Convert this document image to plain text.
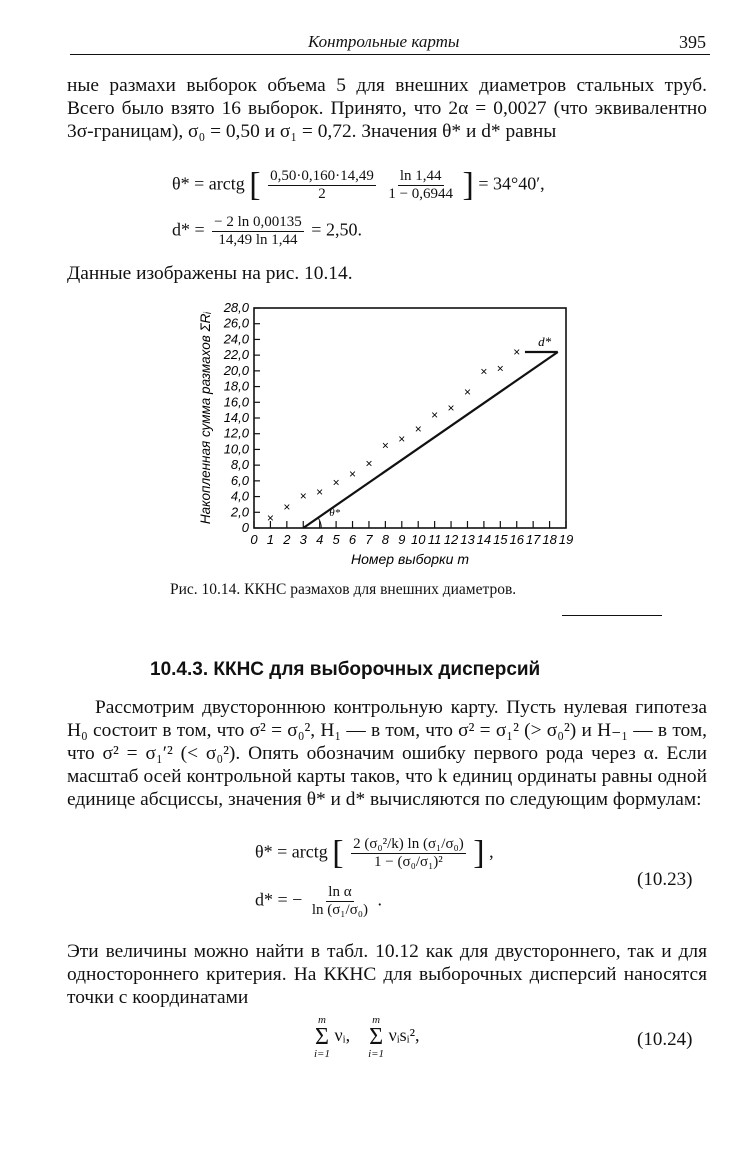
Контрольные карты	395

ные размахи выборок объема 5 для внешних диаметров стальных труб. Всего было взято 16 выборок. Принято, что 2α = 0,0027 (что эквивалентно 3σ-границам), σ₀ = 0,50 и σ₁ = 0,72. Значения θ* и d* равны

θ* = arctg [ $\frac{0,50\cdot 0,160\cdot 14,49}{2}$
$\frac{\ln 1,44}{1 - 0,6944}$ ] = 34°40′,
$d* = \frac{- 2 \ln 0,00135}{14,49 \ln 1,44} = 2,50$.

Данные изображены на рис. 10.14.

0
2,0
4,0
6,0
8,0
10,0
12,0
14,0
16,0
18,0
20,0
22,0
24,0
26,0
28,0
0 1 2 3 4 5 6 7 8 9 10 11 12 13 14 15 16 17 18 19
Номер выборки m
Накопленная сумма размахов ΣRᵢ	×
×
× ×
×
×
×
× ×
×
×
×
×
× ×
×
d*
θ*
Рис. 10.14. ККНС размахов для внешних диаметров.
10.4.3. ККНС для выборочных дисперсий

Рассмотрим двустороннюю контрольную карту. Пусть нулевая гипотеза H₀ состоит в том, что σ² = σ₀², H₁ — в том, что σ² = σ₁² (> σ₀²) и H₋₁ — в том, что σ² = σ₁′² (< σ₀²). Опять обозначим ошибку первого рода через α. Если масштаб осей контрольной карты таков, что k единиц ординаты равны одной единице абсциссы, значения θ* и d* вычисляются по следующим формулам:

θ* = arctg [ $\frac{\text{2 (σ₀²/k) ln (σ₁/σ₀)}}{\text{1 − (σ₀/σ₁)²}}$ ] ,
d* = − $\frac{\text{ln α}}{\text{ln (σ₁/σ₀)}}$ .
(10.23)

Эти величины можно найти в табл. 10.12 как для двустороннего, так и для одностороннего критерия. На ККНС для выборочных дисперсий наносятся точки с координатами

m
Σ
i=1
νᵢ,
m
Σ
i=1
νᵢsᵢ²,	(10.24)
